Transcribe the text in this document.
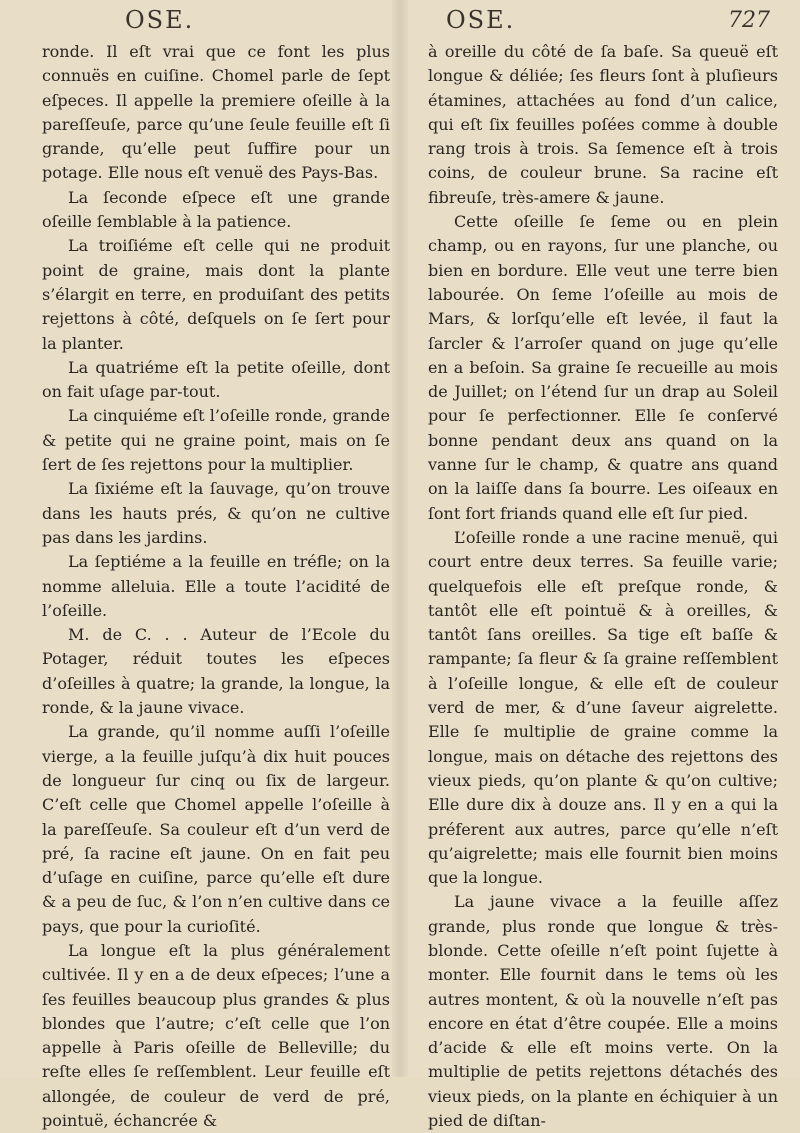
OSE.	OSE.	727

ronde. Il eſt vrai que ce font les plus connuës en cuiſine. Chomel parle de ſept eſpeces. Il appelle la premiere oſeille à la pareſſeuſe, parce qu’une ſeule feuille eſt ſi grande, qu’elle peut ſuffire pour un potage. Elle nous eſt venuë des Pays-Bas.

La ſeconde eſpece eſt une grande oſeille ſemblable à la patience.

La troiſiéme eſt celle qui ne produit point de graine, mais dont la plante s’élargit en terre, en produiſant des petits rejettons à côté, deſquels on ſe ſert pour la planter.

La quatriéme eſt la petite oſeille, dont on fait uſage par-tout.

La cinquiéme eſt l’oſeille ronde, grande & petite qui ne graine point, mais on ſe ſert de ſes rejettons pour la multiplier.

La ſixiéme eſt la ſauvage, qu’on trouve dans les hauts prés, & qu’on ne cultive pas dans les jardins.

La ſeptiéme a la feuille en tréfle; on la nomme alleluia. Elle a toute l’acidité de l’oſeille.

M. de C. . . Auteur de l’Ecole du Potager, réduit toutes les eſpeces d’oſeilles à quatre; la grande, la longue, la ronde, & la jaune vivace.

La grande, qu’il nomme auſſi l’oſeille vierge, a la feuille juſqu’à dix huit pouces de longueur ſur cinq ou ſix de largeur. C’eſt celle que Chomel appelle l’oſeille à la pareſſeuſe. Sa couleur eſt d’un verd de pré, ſa racine eſt jaune. On en fait peu d’uſage en cuiſine, parce qu’elle eſt dure & a peu de ſuc, & l’on n’en cultive dans ce pays, que pour la curioſité.

La longue eſt la plus généralement cultivée. Il y en a de deux eſpeces; l’une a ſes feuilles beaucoup plus grandes & plus blondes que l’autre; c’eſt celle que l’on appelle à Paris oſeille de Belleville; du reſte elles ſe reſſemblent. Leur feuille eſt allongée, de couleur de verd de pré, pointuë, échancrée &

à oreille du côté de ſa baſe. Sa queuë eſt longue & déliée; ſes fleurs ſont à pluſieurs étamines, attachées au fond d’un calice, qui eſt ſix feuilles poſées comme à double rang trois à trois. Sa ſemence eſt à trois coins, de couleur brune. Sa racine eſt fibreuſe, très-amere & jaune.

Cette oſeille ſe ſeme ou en plein champ, ou en rayons, ſur une planche, ou bien en bordure. Elle veut une terre bien labourée. On ſeme l’oſeille au mois de Mars, & lorſqu’elle eſt levée, il faut la ſarcler & l’arroſer quand on juge qu’elle en a beſoin. Sa graine ſe recueille au mois de Juillet; on l’étend ſur un drap au Soleil pour ſe perfectionner. Elle ſe conſervé bonne pendant deux ans quand on la vanne ſur le champ, & quatre ans quand on la laiſſe dans ſa bourre. Les oiſeaux en ſont fort friands quand elle eſt ſur pied.

L’oſeille ronde a une racine menuë, qui court entre deux terres. Sa feuille varie; quelquefois elle eſt preſque ronde, & tantôt elle eſt pointuë & à oreilles, & tantôt ſans oreilles. Sa tige eſt baſſe & rampante; ſa fleur & ſa graine reſſemblent à l’oſeille longue, & elle eſt de couleur verd de mer, & d’une ſaveur aigrelette. Elle ſe multiplie de graine comme la longue, mais on détache des rejettons des vieux pieds, qu’on plante & qu’on cultive; Elle dure dix à douze ans. Il y en a qui la préferent aux autres, parce qu’elle n’eſt qu’aigrelette; mais elle fournit bien moins que la longue.

La jaune vivace a la feuille aſſez grande, plus ronde que longue & très-blonde. Cette oſeille n’eſt point ſujette à monter. Elle fournit dans le tems où les autres montent, & où la nouvelle n’eſt pas encore en état d’être coupée. Elle a moins d’acide & elle eſt moins verte. On la multiplie de petits rejettons détachés des vieux pieds, on la plante en échiquier à un pied de diſtan-
